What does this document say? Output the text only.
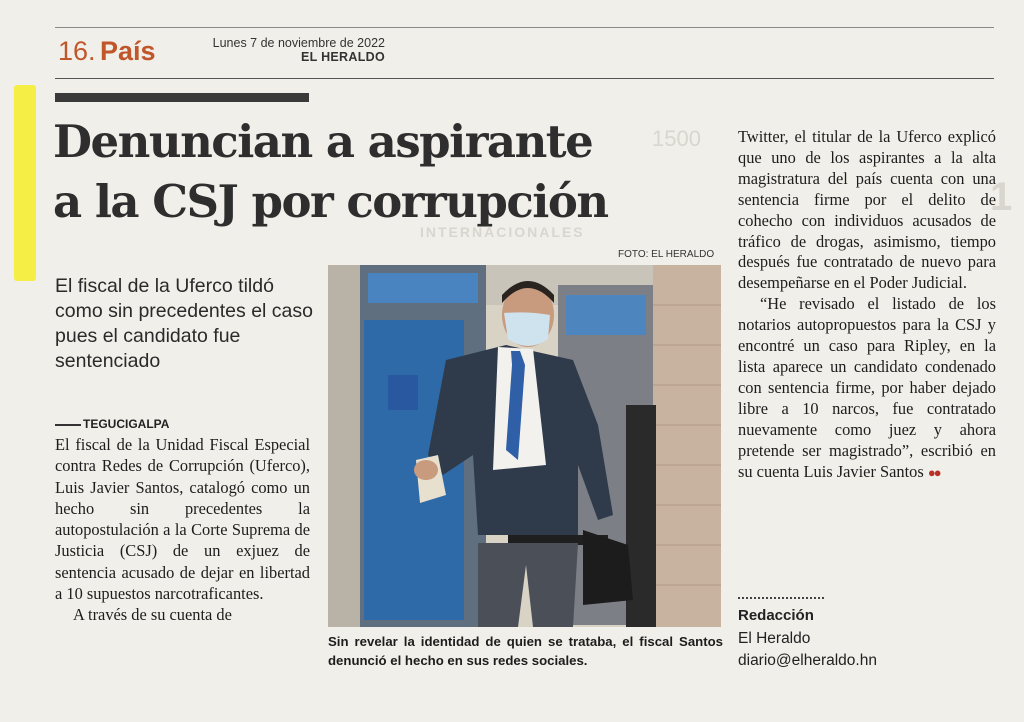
16. País	Lunes 7 de noviembre de 2022
EL HERALDO
1500
INTERNACIONALES
1
Denuncian a aspirante
a la CSJ por corrupción
FOTO: EL HERALDO
El fiscal de la Uferco tildó como sin precedentes el caso pues el candidato fue sentenciado
TEGUCIGALPA

El fiscal de la Unidad Fiscal Especial contra Redes de Corrupción (Uferco), Luis Javier Santos, catalogó como un hecho sin precedentes la autopostulación a la Corte Suprema de Justicia (CSJ) de un exjuez de sentencia acusado de dejar en libertad a 10 supuestos narcotraficantes.

A través de su cuenta de

Sin revelar la identidad de quien se trataba, el fiscal Santos denunció el hecho en sus redes sociales.

Twitter, el titular de la Uferco explicó que uno de los aspirantes a la alta magistratura del país cuenta con una sentencia firme por el delito de cohecho con individuos acusados de tráfico de drogas, asimismo, tiempo después fue contratado de nuevo para desempeñarse en el Poder Judicial.

“He revisado el listado de los notarios autopropuestos para la CSJ y encontré un caso para Ripley, en la lista aparece un candidato condenado con sentencia firme, por haber dejado libre a 10 narcos, fue contratado nuevamente como juez y ahora pretende ser magistrado”, escribió en su cuenta Luis Javier Santos ●●

Redacción
El Heraldo
diario@elheraldo.hn
